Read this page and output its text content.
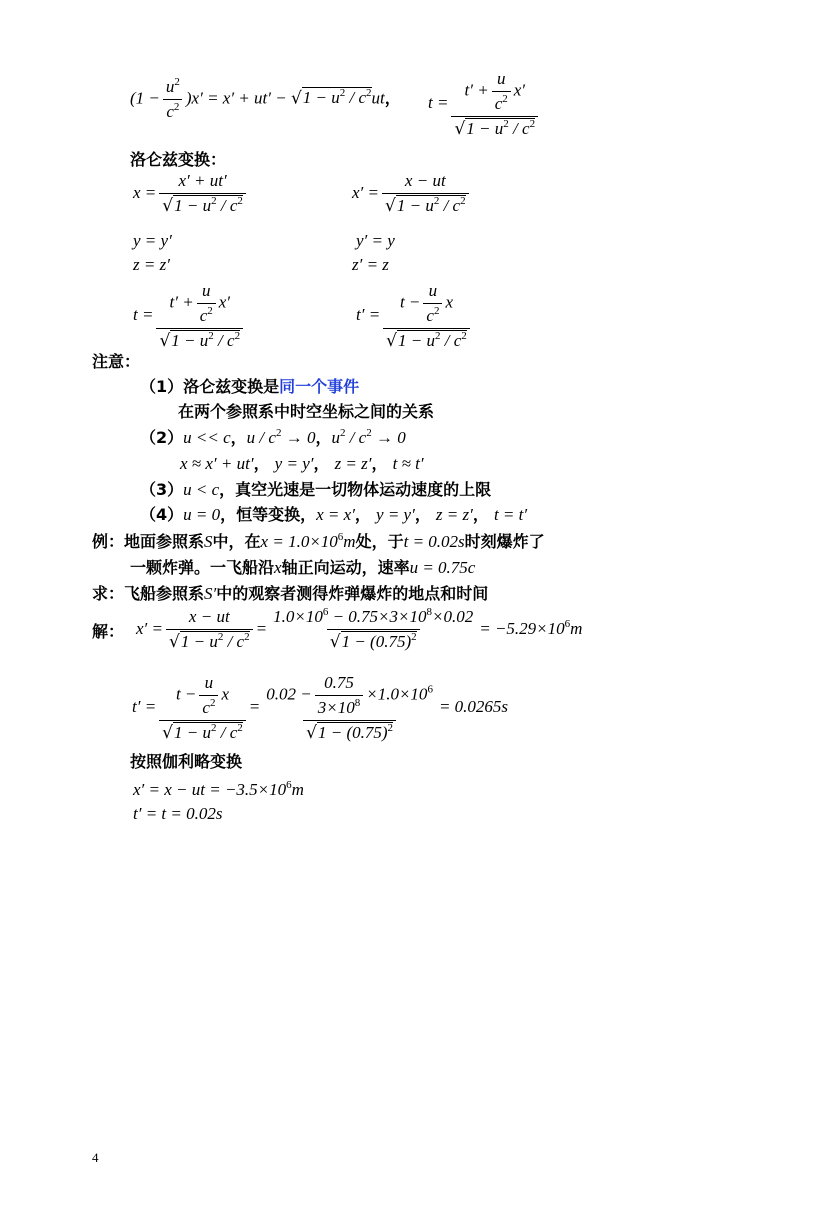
$(1 - \frac{u^2}{c^2} )x' = x' + ut' - √1 - u^2 / c^2ut$， $t = \frac{t' + \frac{u}{c^2} x'}{√1 - u^2 / c^2}$
洛仑兹变换：
$x = \frac{x' + ut'}{√1 - u^2 / c^2}$	$x' = \frac{x - ut}{√1 - u^2 / c^2}$
y = y′	y′ = y
z = z′	z′ = z
$t = \frac{t' + \frac{u}{c^2} x'}{√1 - u^2 / c^2}$	$t' = \frac{t - \frac{u}{c^2} x}{√1 - u^2 / c^2}$
注意：
（1）洛仑兹变换是同一个事件
在两个参照系中时空坐标之间的关系
（2）u << c，$u / c^2 \to 0$，$u^2 / c^2 \to 0$
x ≈ x′ + ut′， y = y′， z = z′， t ≈ t′
（3）u < c，真空光速是一切物体运动速度的上限
（4）u = 0，恒等变换，x = x′， y = y′， z = z′， t = t′
例：地面参照系S中，在$x = 1.0\times 10^6m$处，于t = 0.02s时刻爆炸了
一颗炸弹。一飞船沿x轴正向运动，速率u = 0.75c
求：飞船参照系S′中的观察者测得炸弹爆炸的地点和时间
解： $x' = \frac{x - ut}{√1 - u^2 / c^2} = \frac{1.0\times 10^6 - 0.75\times 3\times 10^8\times 0.02}{√1 - (0.75)^2} = -5.29\times 10^6m$
$t' = \frac{t - \frac{u}{c^2} x}{√1 - u^2 / c^2} = \frac{0.02 - \frac{0.75}{3\times 10^8} \times 1.0\times 10^6}{√1 - (0.75)^2} = 0.0265s$
按照伽利略变换
x′ = x − ut = $-3.5\times 10^6m$
t′ = t = 0.02s
4
